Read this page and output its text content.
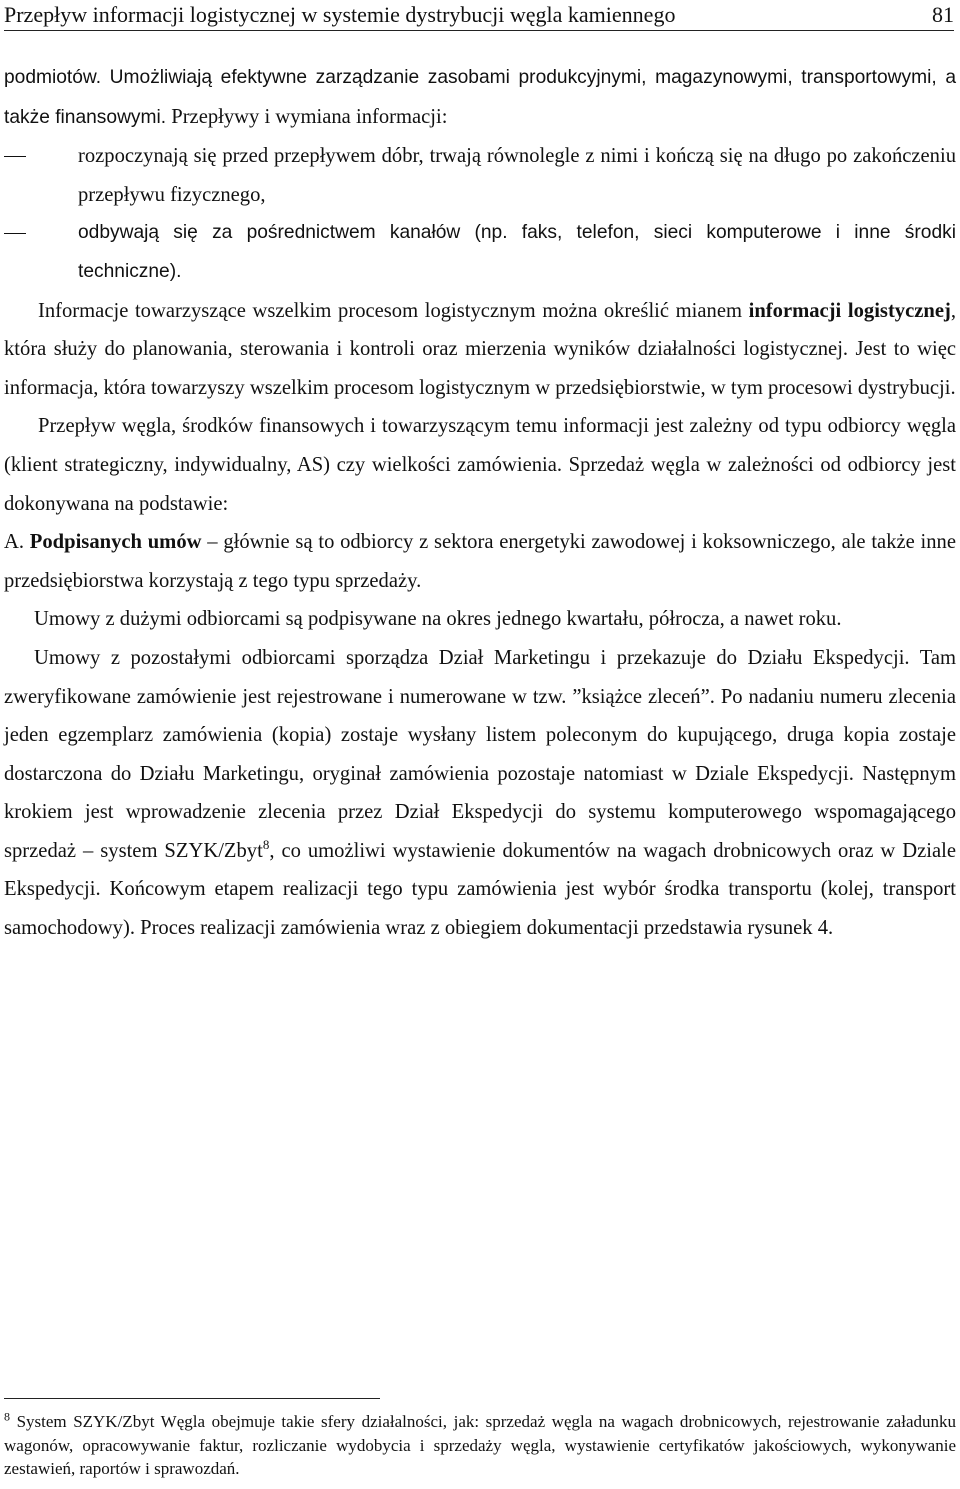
Przepływ informacji logistycznej w systemie dystrybucji węgla kamiennego	81

podmiotów. Umożliwiają efektywne zarządzanie zasobami produkcyjnymi, magazynowymi, transportowymi, a także finansowymi. Przepływy i wymiana informacji:

rozpoczynają się przed przepływem dóbr, trwają równolegle z nimi i kończą się na długo po zakończeniu przepływu fizycznego,

odbywają się za pośrednictwem kanałów (np. faks, telefon, sieci komputerowe i inne środki techniczne).

Informacje towarzyszące wszelkim procesom logistycznym można określić mianem informacji logistycznej, która służy do planowania, sterowania i kontroli oraz mierzenia wyników działalności logistycznej. Jest to więc informacja, która towarzyszy wszelkim procesom logistycznym w przedsiębiorstwie, w tym procesowi dystrybucji.

Przepływ węgla, środków finansowych i towarzyszącym temu informacji jest zależny od typu odbiorcy węgla (klient strategiczny, indywidualny, AS) czy wielkości zamówienia. Sprzedaż węgla w zależności od odbiorcy jest dokonywana na podstawie:

A. Podpisanych umów – głównie są to odbiorcy z sektora energetyki zawodowej i koksowniczego, ale także inne przedsiębiorstwa korzystają z tego typu sprzedaży.

Umowy z dużymi odbiorcami są podpisywane na okres jednego kwartału, półrocza, a nawet roku.

Umowy z pozostałymi odbiorcami sporządza Dział Marketingu i przekazuje do Działu Ekspedycji. Tam zweryfikowane zamówienie jest rejestrowane i numerowane w tzw. ”książce zleceń”. Po nadaniu numeru zlecenia jeden egzemplarz zamówienia (kopia) zostaje wysłany listem poleconym do kupującego, druga kopia zostaje dostarczona do Działu Marketingu, oryginał zamówienia pozostaje natomiast w Dziale Ekspedycji. Następnym krokiem jest wprowadzenie zlecenia przez Dział Ekspedycji do systemu komputerowego wspomagającego sprzedaż – system SZYK/Zbyt$^8$, co umożliwi wystawienie dokumentów na wagach drobnicowych oraz w Dziale Ekspedycji. Końcowym etapem realizacji tego typu zamówienia jest wybór środka transportu (kolej, transport samochodowy). Proces realizacji zamówienia wraz z obiegiem dokumentacji przedstawia rysunek 4.

$^8$ System SZYK/Zbyt Węgla obejmuje takie sfery działalności, jak: sprzedaż węgla na wagach drobnicowych, rejestrowanie załadunku wagonów, opracowywanie faktur, rozliczanie wydobycia i sprzedaży węgla, wystawienie certyfikatów jakościowych, wykonywanie zestawień, raportów i sprawozdań.
